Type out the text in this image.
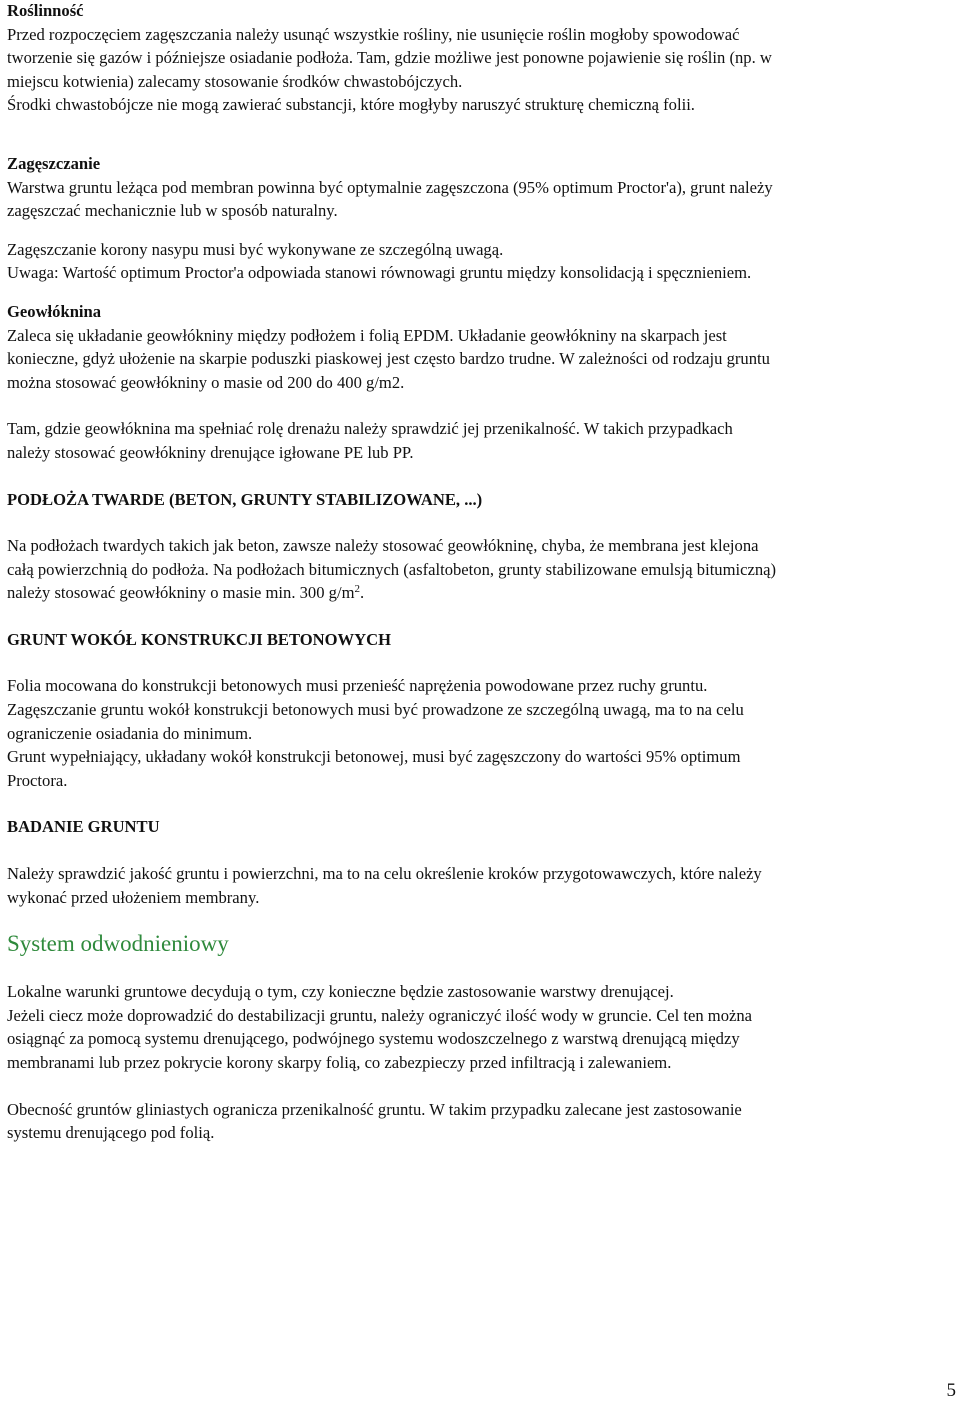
Roślinność
Przed rozpoczęciem zagęszczania należy usunąć wszystkie rośliny, nie usunięcie roślin mogłoby spowodować
tworzenie się gazów i późniejsze osiadanie podłoża. Tam, gdzie możliwe jest ponowne pojawienie się roślin (np. w
miejscu kotwienia) zalecamy stosowanie środków chwastobójczych.
Środki chwastobójcze nie mogą zawierać substancji, które mogłyby naruszyć strukturę chemiczną folii.
Zagęszczanie
Warstwa gruntu leżąca pod membran powinna być optymalnie zagęszczona (95% optimum Proctor'a), grunt należy
zagęszczać mechanicznie lub w sposób naturalny.
Zagęszczanie korony nasypu musi być wykonywane ze szczególną uwagą.
Uwaga: Wartość optimum Proctor'a odpowiada stanowi równowagi gruntu między konsolidacją i spęcznieniem.
Geowłóknina
Zaleca się układanie geowłókniny między podłożem i folią EPDM. Układanie geowłókniny na skarpach jest
konieczne, gdyż ułożenie na skarpie poduszki piaskowej jest często bardzo trudne. W zależności od rodzaju gruntu
można stosować geowłókniny o masie od 200 do 400 g/m2.
Tam, gdzie geowłóknina ma spełniać rolę drenażu należy sprawdzić jej przenikalność. W takich przypadkach
należy stosować geowłókniny drenujące igłowane PE lub PP.
PODŁOŻA TWARDE (BETON, GRUNTY STABILIZOWANE, ...)
Na podłożach twardych takich jak beton, zawsze należy stosować geowłókninę, chyba, że membrana jest klejona
całą powierzchnią do podłoża. Na podłożach bitumicznych (asfaltobeton, grunty stabilizowane emulsją bitumiczną)
należy stosować geowłókniny o masie min. 300 $g/m^2$.
GRUNT WOKÓŁ KONSTRUKCJI BETONOWYCH
Folia mocowana do konstrukcji betonowych musi przenieść naprężenia powodowane przez ruchy gruntu.
Zagęszczanie gruntu wokół konstrukcji betonowych musi być prowadzone ze szczególną uwagą, ma to na celu
ograniczenie osiadania do minimum.
Grunt wypełniający, układany wokół konstrukcji betonowej, musi być zagęszczony do wartości 95% optimum
Proctora.
BADANIE GRUNTU
Należy sprawdzić jakość gruntu i powierzchni, ma to na celu określenie kroków przygotowawczych, które należy
wykonać przed ułożeniem membrany.
System odwodnieniowy
Lokalne warunki gruntowe decydują o tym, czy konieczne będzie zastosowanie warstwy drenującej.
Jeżeli ciecz może doprowadzić do destabilizacji gruntu, należy ograniczyć ilość wody w gruncie. Cel ten można
osiągnąć za pomocą systemu drenującego, podwójnego systemu wodoszczelnego z warstwą drenującą między
membranami lub przez pokrycie korony skarpy folią, co zabezpieczy przed infiltracją i zalewaniem.
Obecność gruntów gliniastych ogranicza przenikalność gruntu. W takim przypadku zalecane jest zastosowanie
systemu drenującego pod folią.
5
